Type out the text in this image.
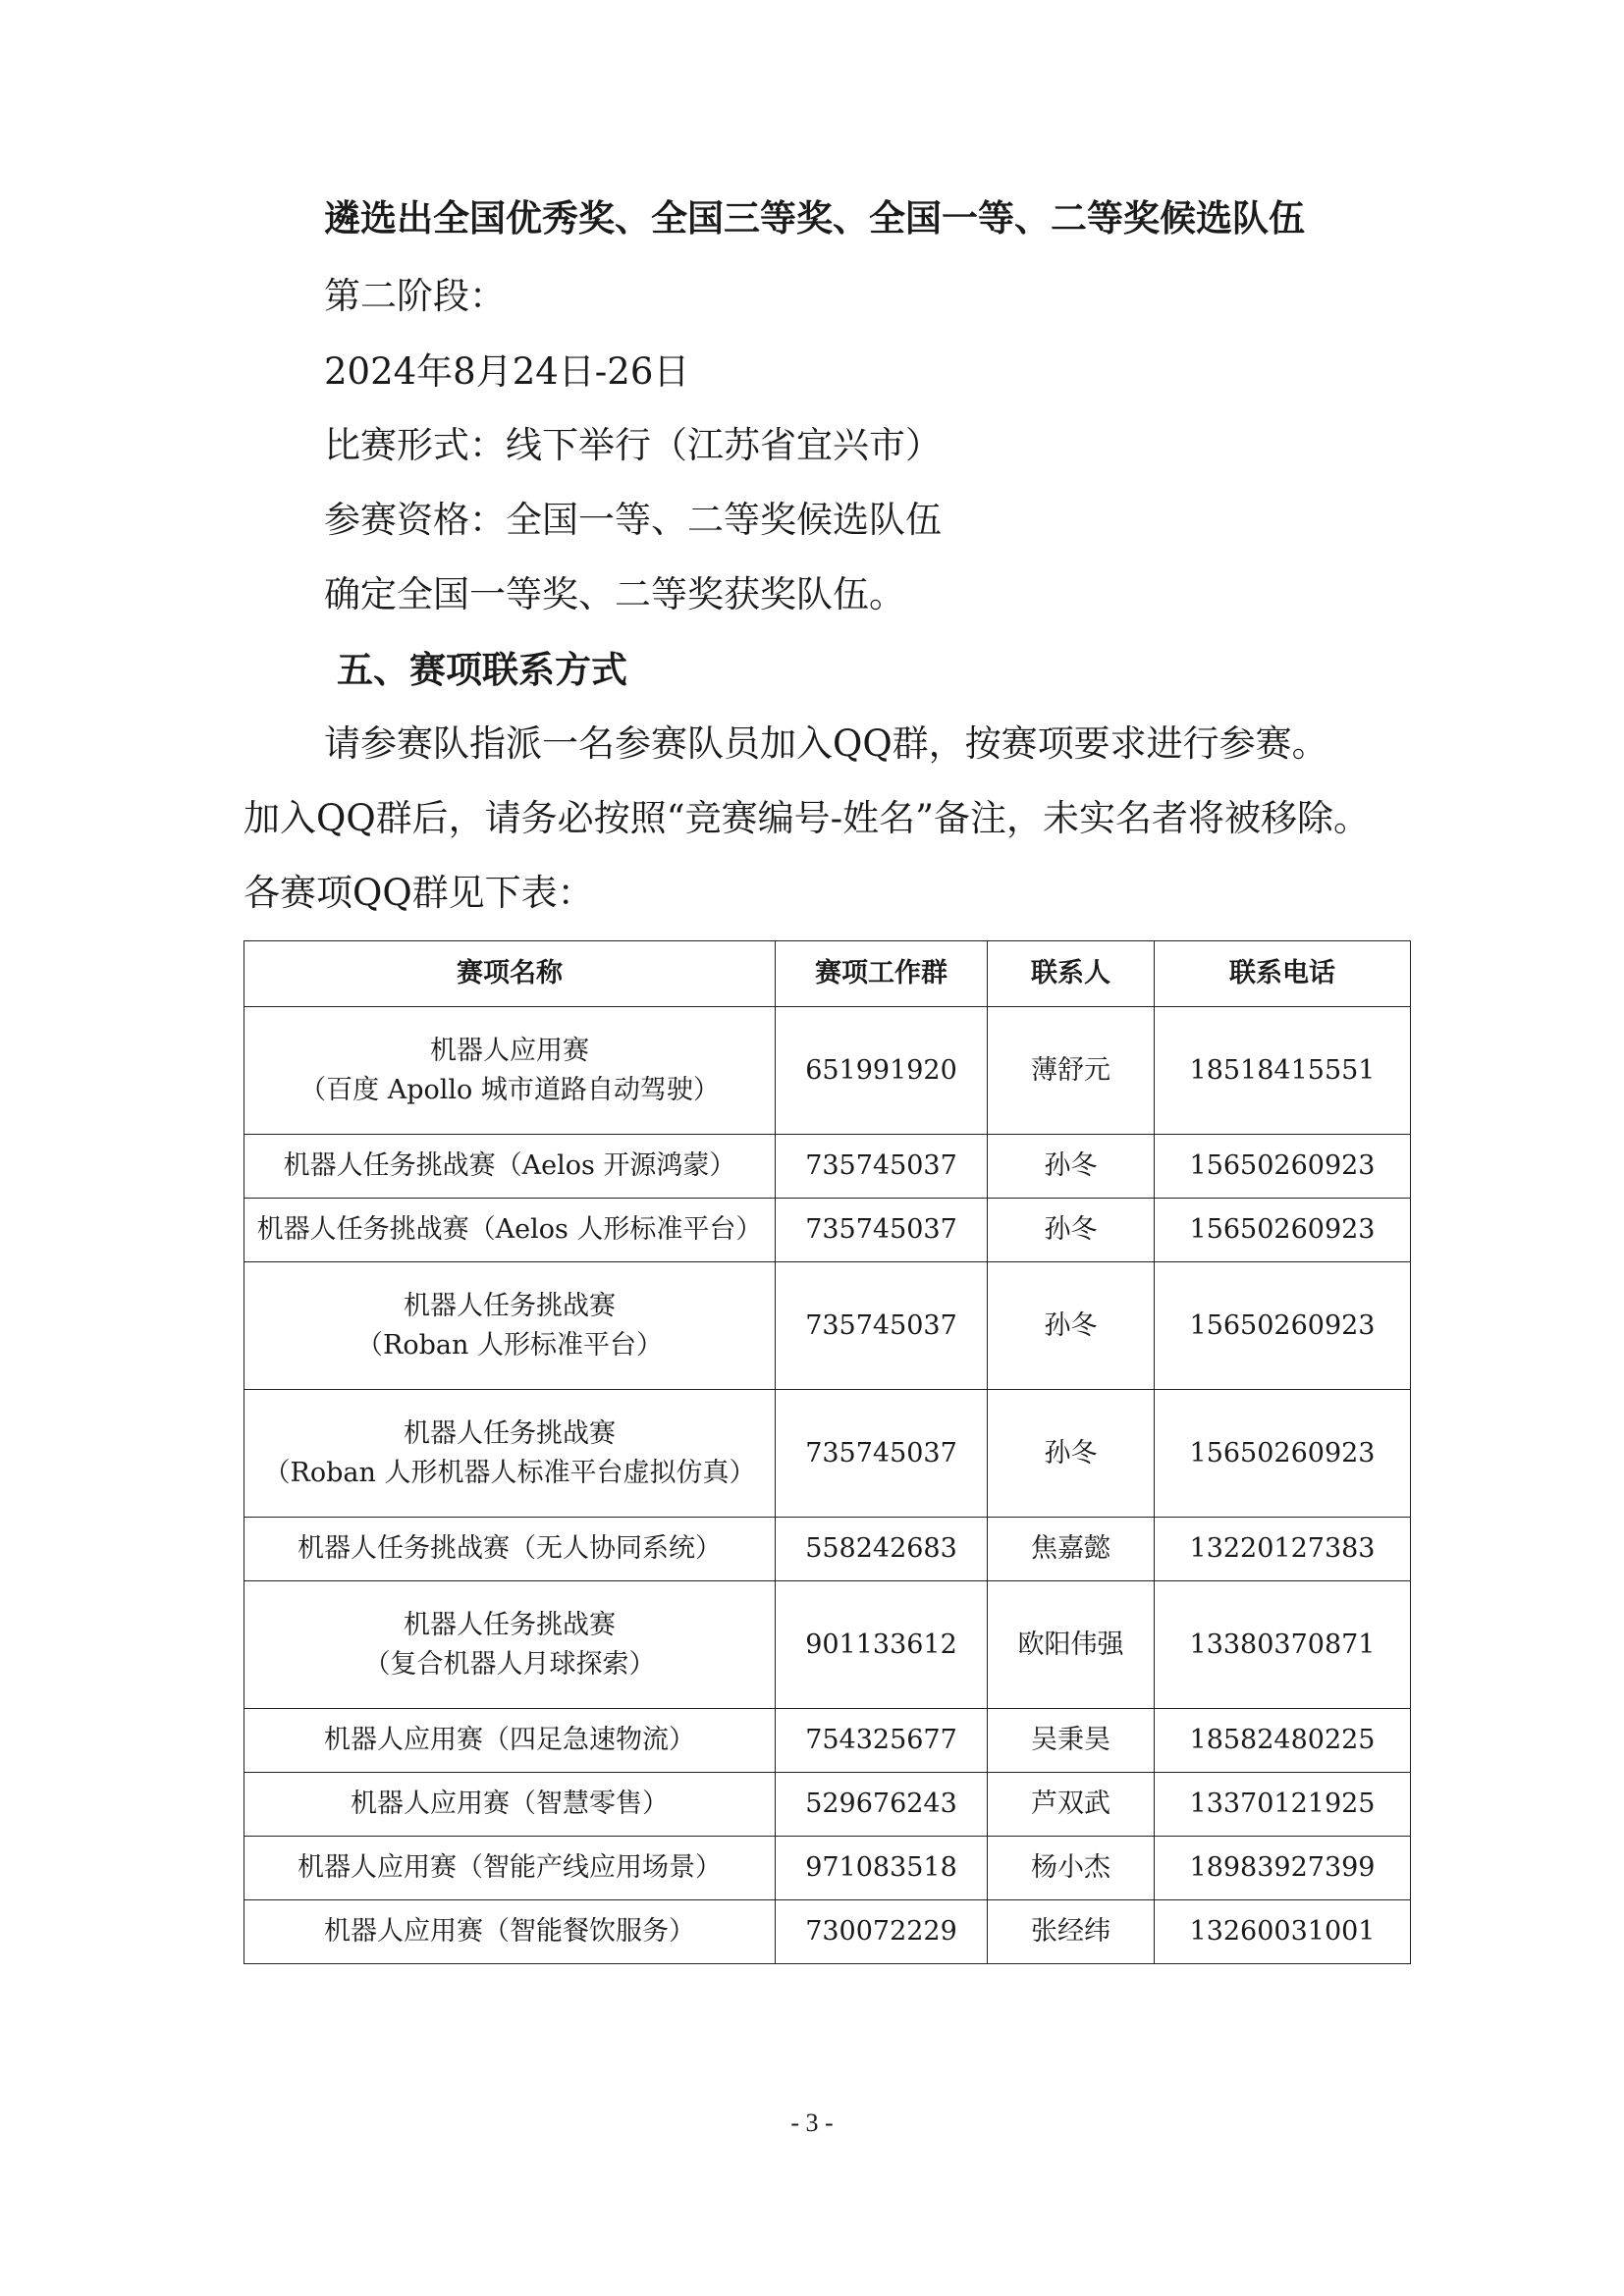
遴选出全国优秀奖、全国三等奖、全国一等、二等奖候选队伍
第二阶段：
2024年8月24日-26日
比赛形式：线下举行（江苏省宜兴市）
参赛资格：全国一等、二等奖候选队伍
确定全国一等奖、二等奖获奖队伍。
五、赛项联系方式
请参赛队指派一名参赛队员加入QQ群，按赛项要求进行参赛。
加入QQ群后，请务必按照“竞赛编号-姓名”备注，未实名者将被移除。
各赛项QQ群见下表：
赛项名称	赛项工作群	联系人	联系电话

机器人应用赛
（百度 Apollo 城市道路自动驾驶）	651991920	薄舒元	18518415551

机器人任务挑战赛（Aelos 开源鸿蒙）	735745037	孙冬	15650260923

机器人任务挑战赛（Aelos 人形标准平台）	735745037	孙冬	15650260923

机器人任务挑战赛
（Roban 人形标准平台）	735745037	孙冬	15650260923

机器人任务挑战赛
（Roban 人形机器人标准平台虚拟仿真）	735745037	孙冬	15650260923

机器人任务挑战赛（无人协同系统）	558242683	焦嘉懿	13220127383

机器人任务挑战赛
（复合机器人月球探索）	901133612	欧阳伟强	13380370871

机器人应用赛（四足急速物流）	754325677	吴秉昊	18582480225

机器人应用赛（智慧零售）	529676243	芦双武	13370121925

机器人应用赛（智能产线应用场景）	971083518	杨小杰	18983927399

机器人应用赛（智能餐饮服务）	730072229	张经纬	13260031001
- 3 -
